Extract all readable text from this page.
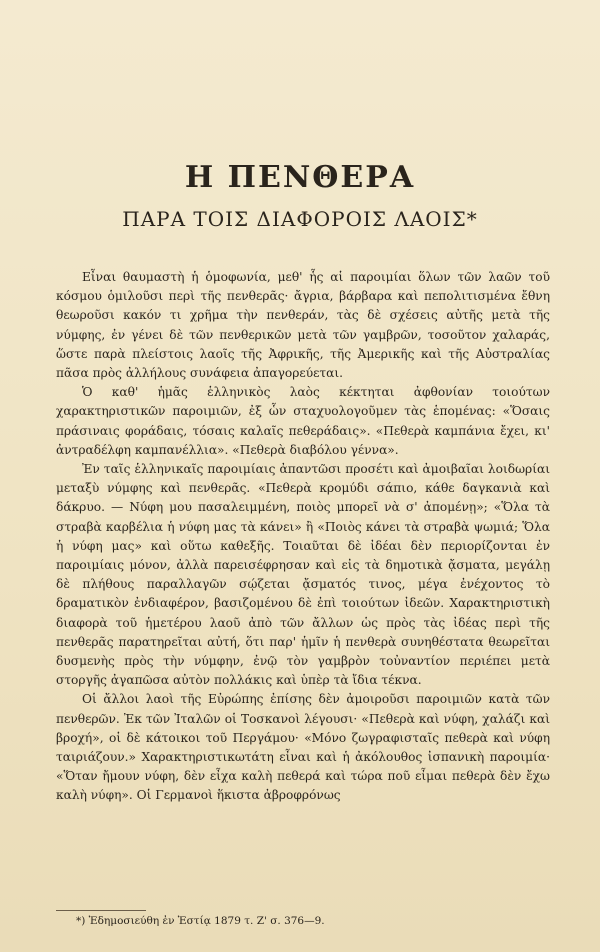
Η ΠΕΝΘΕΡΑ
ΠΑΡΑ ΤΟΙΣ ΔΙΑΦΟΡΟΙΣ ΛΑΟΙΣ*

Εἶναι θαυμαστὴ ἡ ὁμοφωνία, μεθ' ἧς αἱ παροιμίαι ὅλων τῶν λαῶν τοῦ κόσμου ὁμιλοῦσι περὶ τῆς πενθερᾶς· ἄγρια, βάρβαρα καὶ πεπολιτισμένα ἔθνη θεωροῦσι κακόν τι χρῆμα τὴν πενθεράν, τὰς δὲ σχέσεις αὐτῆς μετὰ τῆς νύμφης, ἐν γένει δὲ τῶν πενθερικῶν μετὰ τῶν γαμβρῶν, τοσοῦτον χαλαράς, ὥστε παρὰ πλείστοις λαοῖς τῆς Ἀφρικῆς, τῆς Ἀμερικῆς καὶ τῆς Αὐστραλίας πᾶσα πρὸς ἀλλήλους συνάφεια ἀπαγορεύεται.

Ὁ καθ' ἡμᾶς ἑλληνικὸς λαὸς κέκτηται ἀφθονίαν τοιούτων χαρακτηριστικῶν παροιμιῶν, ἐξ ὧν σταχυολογοῦμεν τὰς ἑπομένας: «Ὅσαις πράσιναις φοράδαις, τόσαις καλαῖς πεθεράδαις». «Πεθερὰ καμπάνια ἔχει, κι' ἀντραδέλφη καμπανέλλια». «Πεθερὰ διαβόλου γέννα».

Ἐν ταῖς ἑλληνικαῖς παροιμίαις ἀπαντῶσι προσέτι καὶ ἀμοιβαῖαι λοιδωρίαι μεταξὺ νύμφης καὶ πενθερᾶς. «Πεθερὰ κρομύδι σάπιο, κάθε δαγκανιὰ καὶ δάκρυο. — Νύφη μου πασαλειμμένη, ποιὸς μπορεῖ νὰ σ' ἀπομένῃ»; «Ὅλα τὰ στραβὰ καρβέλια ἡ νύφη μας τὰ κάνει» ἢ «Ποιὸς κάνει τὰ στραβὰ ψωμιά; Ὅλα ἡ νύφη μας» καὶ οὕτω καθεξῆς. Τοιαῦται δὲ ἰδέαι δὲν περιορίζονται ἐν παροιμίαις μόνον, ἀλλὰ παρεισέφρησαν καὶ εἰς τὰ δημοτικὰ ᾄσματα, μεγάλῃ δὲ πλήθους παραλλαγῶν σῴζεται ᾄσματός τινος, μέγα ἐνέχοντος τὸ δραματικὸν ἐνδιαφέρον, βασιζομένου δὲ ἐπὶ τοιούτων ἰδεῶν. Χαρακτηριστικὴ διαφορὰ τοῦ ἡμετέρου λαοῦ ἀπὸ τῶν ἄλλων ὡς πρὸς τὰς ἰδέας περὶ τῆς πενθερᾶς παρατηρεῖται αὐτή, ὅτι παρ' ἡμῖν ἡ πενθερὰ συνηθέστατα θεωρεῖται δυσμενὴς πρὸς τὴν νύμφην, ἐνῷ τὸν γαμβρὸν τοὐναντίον περιέπει μετὰ στοργῆς ἀγαπῶσα αὐτὸν πολλάκις καὶ ὑπὲρ τὰ ἴδια τέκνα.

Οἱ ἄλλοι λαοὶ τῆς Εὐρώπης ἐπίσης δὲν ἀμοιροῦσι παροιμιῶν κατὰ τῶν πενθερῶν. Ἐκ τῶν Ἰταλῶν οἱ Τοσκανοὶ λέγουσι· «Πεθερὰ καὶ νύφη, χαλάζι καὶ βροχή», οἱ δὲ κάτοικοι τοῦ Περγάμου· «Μόνο ζωγραφισταῖς πεθερὰ καὶ νύφη ταιριάζουν.» Χαρακτηριστικωτάτη εἶναι καὶ ἡ ἀκόλουθος ἰσπανικὴ παροιμία· «Ὅταν ἤμουν νύφη, δὲν εἶχα καλὴ πεθερά καὶ τώρα ποῦ εἶμαι πεθερὰ δὲν ἔχω καλὴ νύφη». Οἱ Γερμανοὶ ἥκιστα ἀβροφρόνως

*) Ἐδημοσιεύθη ἐν Ἑστίᾳ 1879 τ. Ζ' σ. 376—9.
